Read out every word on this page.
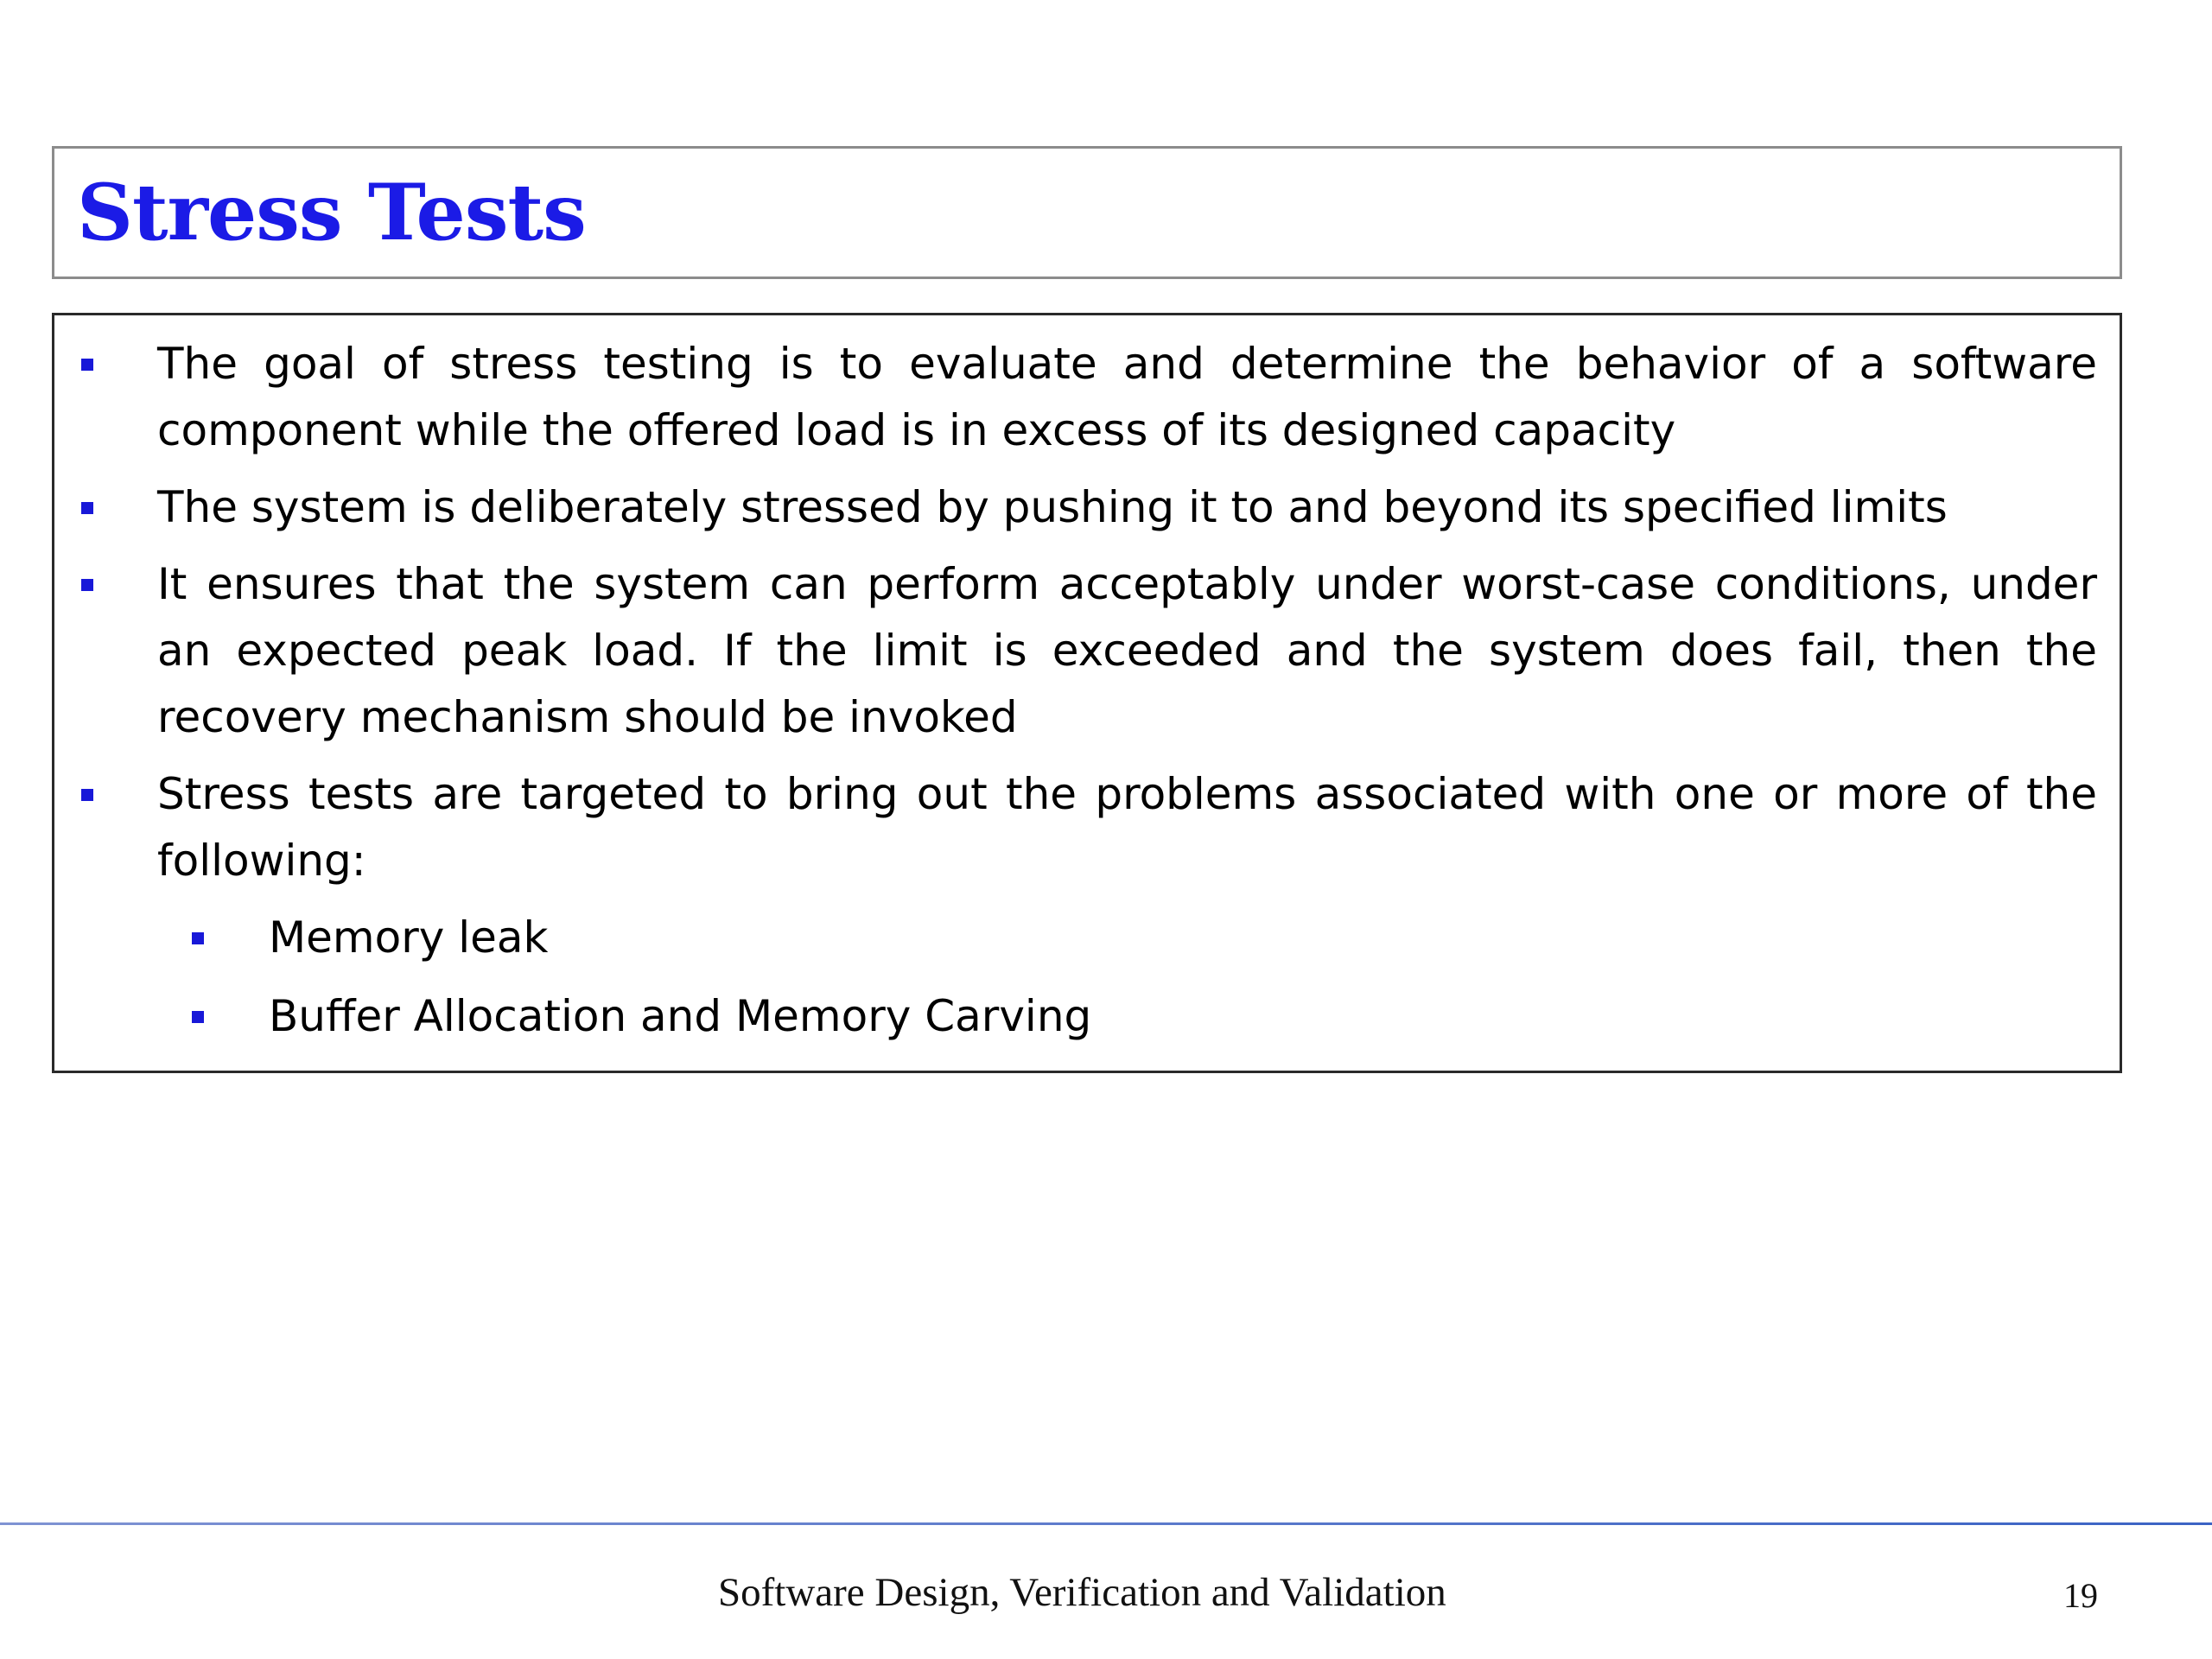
Stress Tests
The goal of stress testing is to evaluate and determine the behavior of a software component while the offered load is in excess of its designed capacity
The system is deliberately stressed by pushing it to and beyond its specified limits
It ensures that the system can perform acceptably under worst-case conditions, under an expected peak load. If the limit is exceeded and the system does fail, then the recovery mechanism should be invoked
Stress tests are targeted to bring out the problems associated with one or more of the following:
Memory leak
Buffer Allocation and Memory Carving

Software Design, Verification and Validation	19
